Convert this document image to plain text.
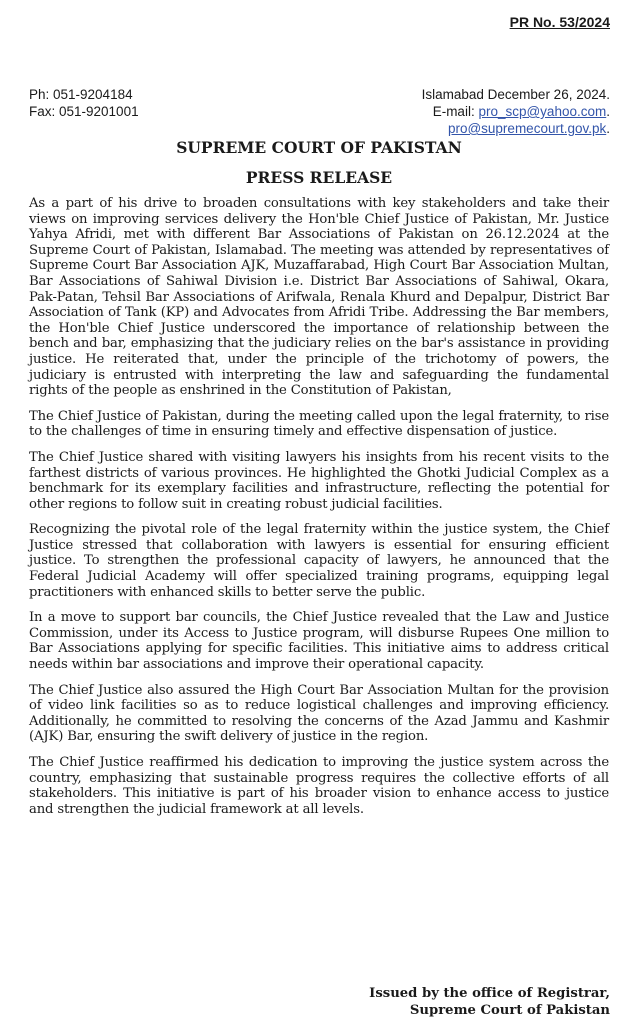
PR No. 53/2024
Ph: 051-9204184
Fax: 051-9201001
Islamabad December 26, 2024.
E-mail: pro_scp@yahoo.com.
pro@supremecourt.gov.pk.
SUPREME COURT OF PAKISTAN
PRESS RELEASE

As a part of his drive to broaden consultations with key stakeholders and take their views on improving services delivery the Hon'ble Chief Justice of Pakistan, Mr. Justice Yahya Afridi, met with different Bar Associations of Pakistan on 26.12.2024 at the Supreme Court of Pakistan, Islamabad. The meeting was attended by representatives of Supreme Court Bar Association AJK, Muzaffarabad, High Court Bar Association Multan, Bar Associations of Sahiwal Division i.e. District Bar Associations of Sahiwal, Okara, Pak-Patan, Tehsil Bar Associations of Arifwala, Renala Khurd and Depalpur, District Bar Association of Tank (KP) and Advocates from Afridi Tribe. Addressing the Bar members, the Hon'ble Chief Justice underscored the importance of relationship between the bench and bar, emphasizing that the judiciary relies on the bar's assistance in providing justice. He reiterated that, under the principle of the trichotomy of powers, the judiciary is entrusted with interpreting the law and safeguarding the fundamental rights of the people as enshrined in the Constitution of Pakistan,

The Chief Justice of Pakistan, during the meeting called upon the legal fraternity, to rise to the challenges of time in ensuring timely and effective dispensation of justice.

The Chief Justice shared with visiting lawyers his insights from his recent visits to the farthest districts of various provinces. He highlighted the Ghotki Judicial Complex as a benchmark for its exemplary facilities and infrastructure, reflecting the potential for other regions to follow suit in creating robust judicial facilities.

Recognizing the pivotal role of the legal fraternity within the justice system, the Chief Justice stressed that collaboration with lawyers is essential for ensuring efficient justice. To strengthen the professional capacity of lawyers, he announced that the Federal Judicial Academy will offer specialized training programs, equipping legal practitioners with enhanced skills to better serve the public.

In a move to support bar councils, the Chief Justice revealed that the Law and Justice Commission, under its Access to Justice program, will disburse Rupees One million to Bar Associations applying for specific facilities. This initiative aims to address critical needs within bar associations and improve their operational capacity.

The Chief Justice also assured the High Court Bar Association Multan for the provision of video link facilities so as to reduce logistical challenges and improving efficiency. Additionally, he committed to resolving the concerns of the Azad Jammu and Kashmir (AJK) Bar, ensuring the swift delivery of justice in the region.

The Chief Justice reaffirmed his dedication to improving the justice system across the country, emphasizing that sustainable progress requires the collective efforts of all stakeholders. This initiative is part of his broader vision to enhance access to justice and strengthen the judicial framework at all levels.

Issued by the office of Registrar,
Supreme Court of Pakistan
